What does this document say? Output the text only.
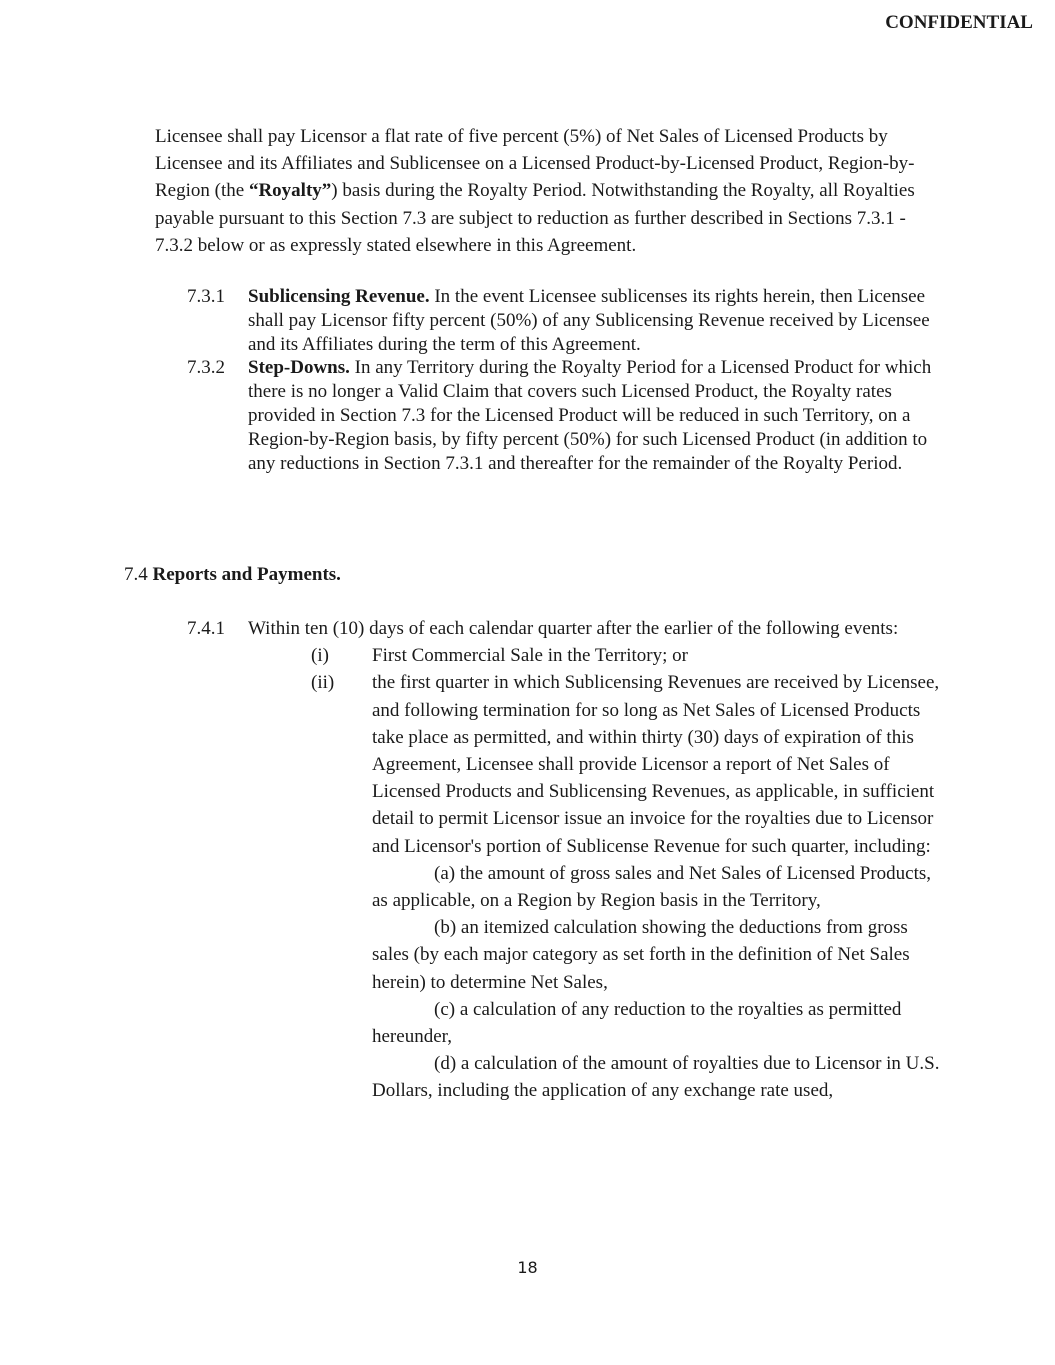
CONFIDENTIAL
Licensee shall pay Licensor a flat rate of five percent (5%) of Net Sales of Licensed Products by Licensee and its Affiliates and Sublicensee on a Licensed Product-by-Licensed Product, Region-by-Region (the “Royalty”) basis during the Royalty Period. Notwithstanding the Royalty, all Royalties payable pursuant to this Section 7.3 are subject to reduction as further described in Sections 7.3.1 - 7.3.2 below or as expressly stated elsewhere in this Agreement.
7.3.1	Sublicensing Revenue. In the event Licensee sublicenses its rights herein, then Licensee shall pay Licensor fifty percent (50%) of any Sublicensing Revenue received by Licensee and its Affiliates during the term of this Agreement.
7.3.2	Step-Downs. In any Territory during the Royalty Period for a Licensed Product for which there is no longer a Valid Claim that covers such Licensed Product, the Royalty rates provided in Section 7.3 for the Licensed Product will be reduced in such Territory, on a Region-by-Region basis, by fifty percent (50%) for such Licensed Product (in addition to any reductions in Section 7.3.1 and thereafter for the remainder of the Royalty Period.
7.4 Reports and Payments.
7.4.1	Within ten (10) days of each calendar quarter after the earlier of the following events:
(i)	First Commercial Sale in the Territory; or
(ii)	the first quarter in which Sublicensing Revenues are received by Licensee, and following termination for so long as Net Sales of Licensed Products take place as permitted, and within thirty (30) days of expiration of this Agreement, Licensee shall provide Licensor a report of Net Sales of Licensed Products and Sublicensing Revenues, as applicable, in sufficient detail to permit Licensor issue an invoice for the royalties due to Licensor and Licensor's portion of Sublicense Revenue for such quarter, including:
(a) the amount of gross sales and Net Sales of Licensed Products, as applicable, on a Region by Region basis in the Territory,
(b) an itemized calculation showing the deductions from gross sales (by each major category as set forth in the definition of Net Sales herein) to determine Net Sales,
(c) a calculation of any reduction to the royalties as permitted hereunder,
(d) a calculation of the amount of royalties due to Licensor in U.S. Dollars, including the application of any exchange rate used,
18
